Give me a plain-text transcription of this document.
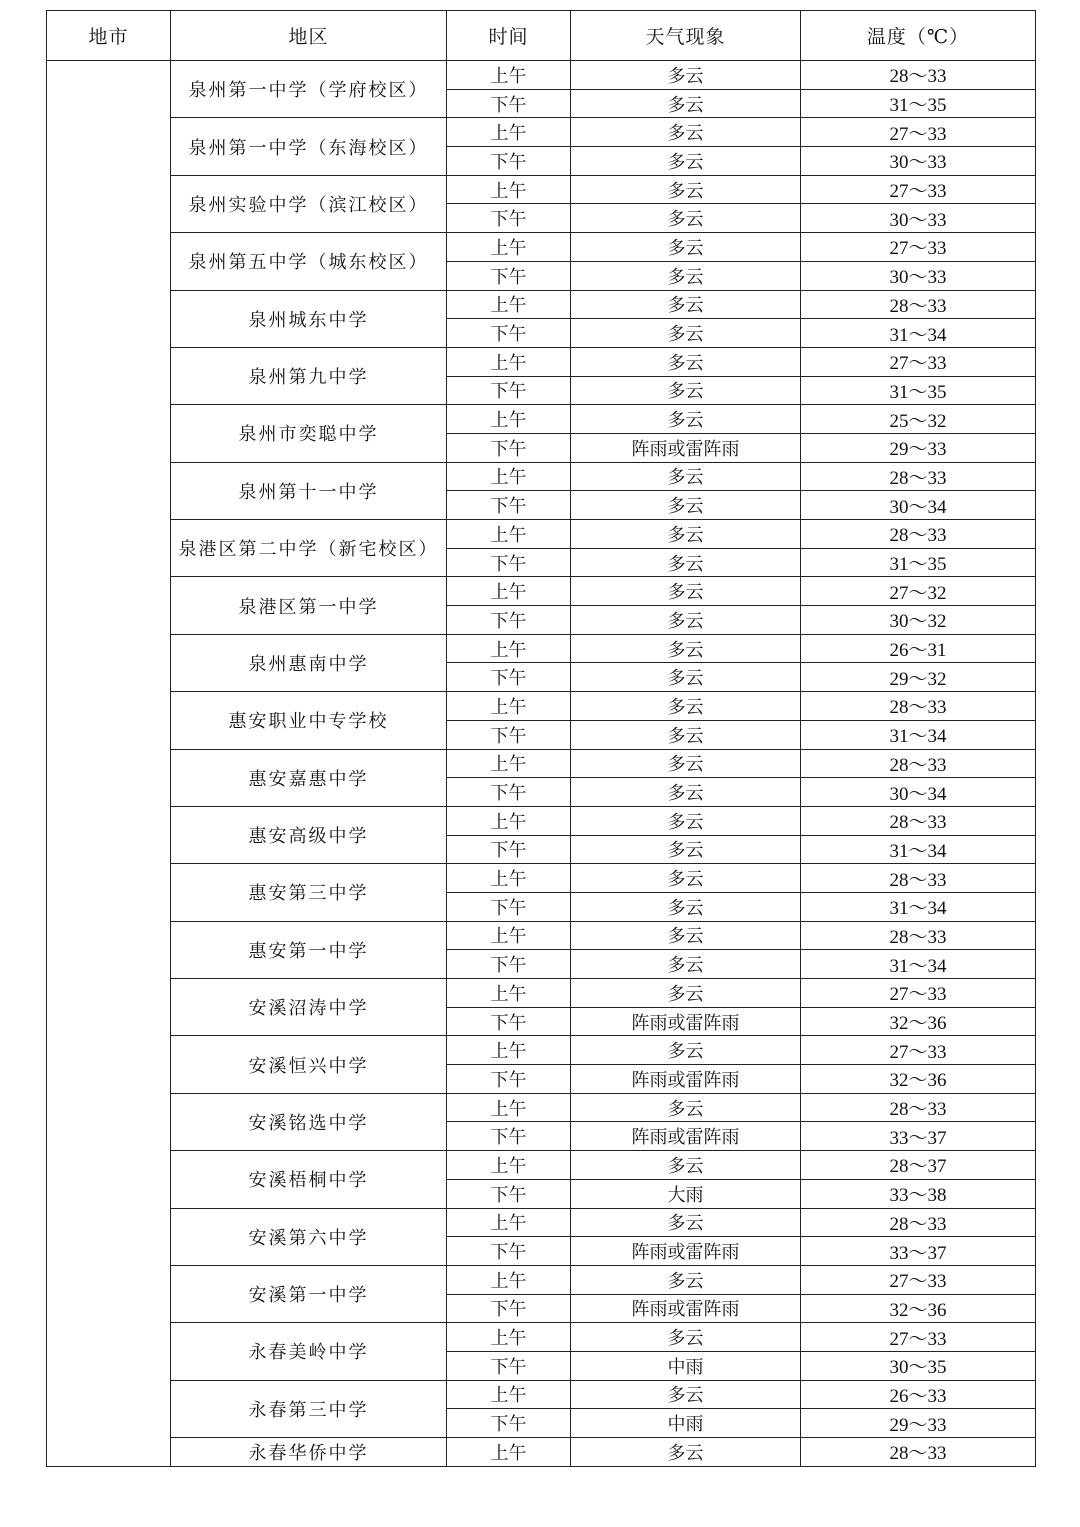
地市	地区	时间	天气现象	温度（℃）
	泉州第一中学（学府校区）	上午	多云	28～33
		下午	多云	31～35
	泉州第一中学（东海校区）	上午	多云	27～33
		下午	多云	30～33
	泉州实验中学（滨江校区）	上午	多云	27～33
		下午	多云	30～33
	泉州第五中学（城东校区）	上午	多云	27～33
		下午	多云	30～33
	泉州城东中学	上午	多云	28～33
		下午	多云	31～34
	泉州第九中学	上午	多云	27～33
		下午	多云	31～35
	泉州市奕聪中学	上午	多云	25～32
		下午	阵雨或雷阵雨	29～33
	泉州第十一中学	上午	多云	28～33
		下午	多云	30～34
	泉港区第二中学（新宅校区）	上午	多云	28～33
		下午	多云	31～35
	泉港区第一中学	上午	多云	27～32
		下午	多云	30～32
	泉州惠南中学	上午	多云	26～31
		下午	多云	29～32
	惠安职业中专学校	上午	多云	28～33
		下午	多云	31～34
	惠安嘉惠中学	上午	多云	28～33
		下午	多云	30～34
	惠安高级中学	上午	多云	28～33
		下午	多云	31～34
	惠安第三中学	上午	多云	28～33
		下午	多云	31～34
	惠安第一中学	上午	多云	28～33
		下午	多云	31～34
	安溪沼涛中学	上午	多云	27～33
		下午	阵雨或雷阵雨	32～36
	安溪恒兴中学	上午	多云	27～33
		下午	阵雨或雷阵雨	32～36
	安溪铭选中学	上午	多云	28～33
		下午	阵雨或雷阵雨	33～37
	安溪梧桐中学	上午	多云	28～37
		下午	大雨	33～38
	安溪第六中学	上午	多云	28～33
		下午	阵雨或雷阵雨	33～37
	安溪第一中学	上午	多云	27～33
		下午	阵雨或雷阵雨	32～36
	永春美岭中学	上午	多云	27～33
		下午	中雨	30～35
	永春第三中学	上午	多云	26～33
		下午	中雨	29～33
	永春华侨中学	上午	多云	28～33
